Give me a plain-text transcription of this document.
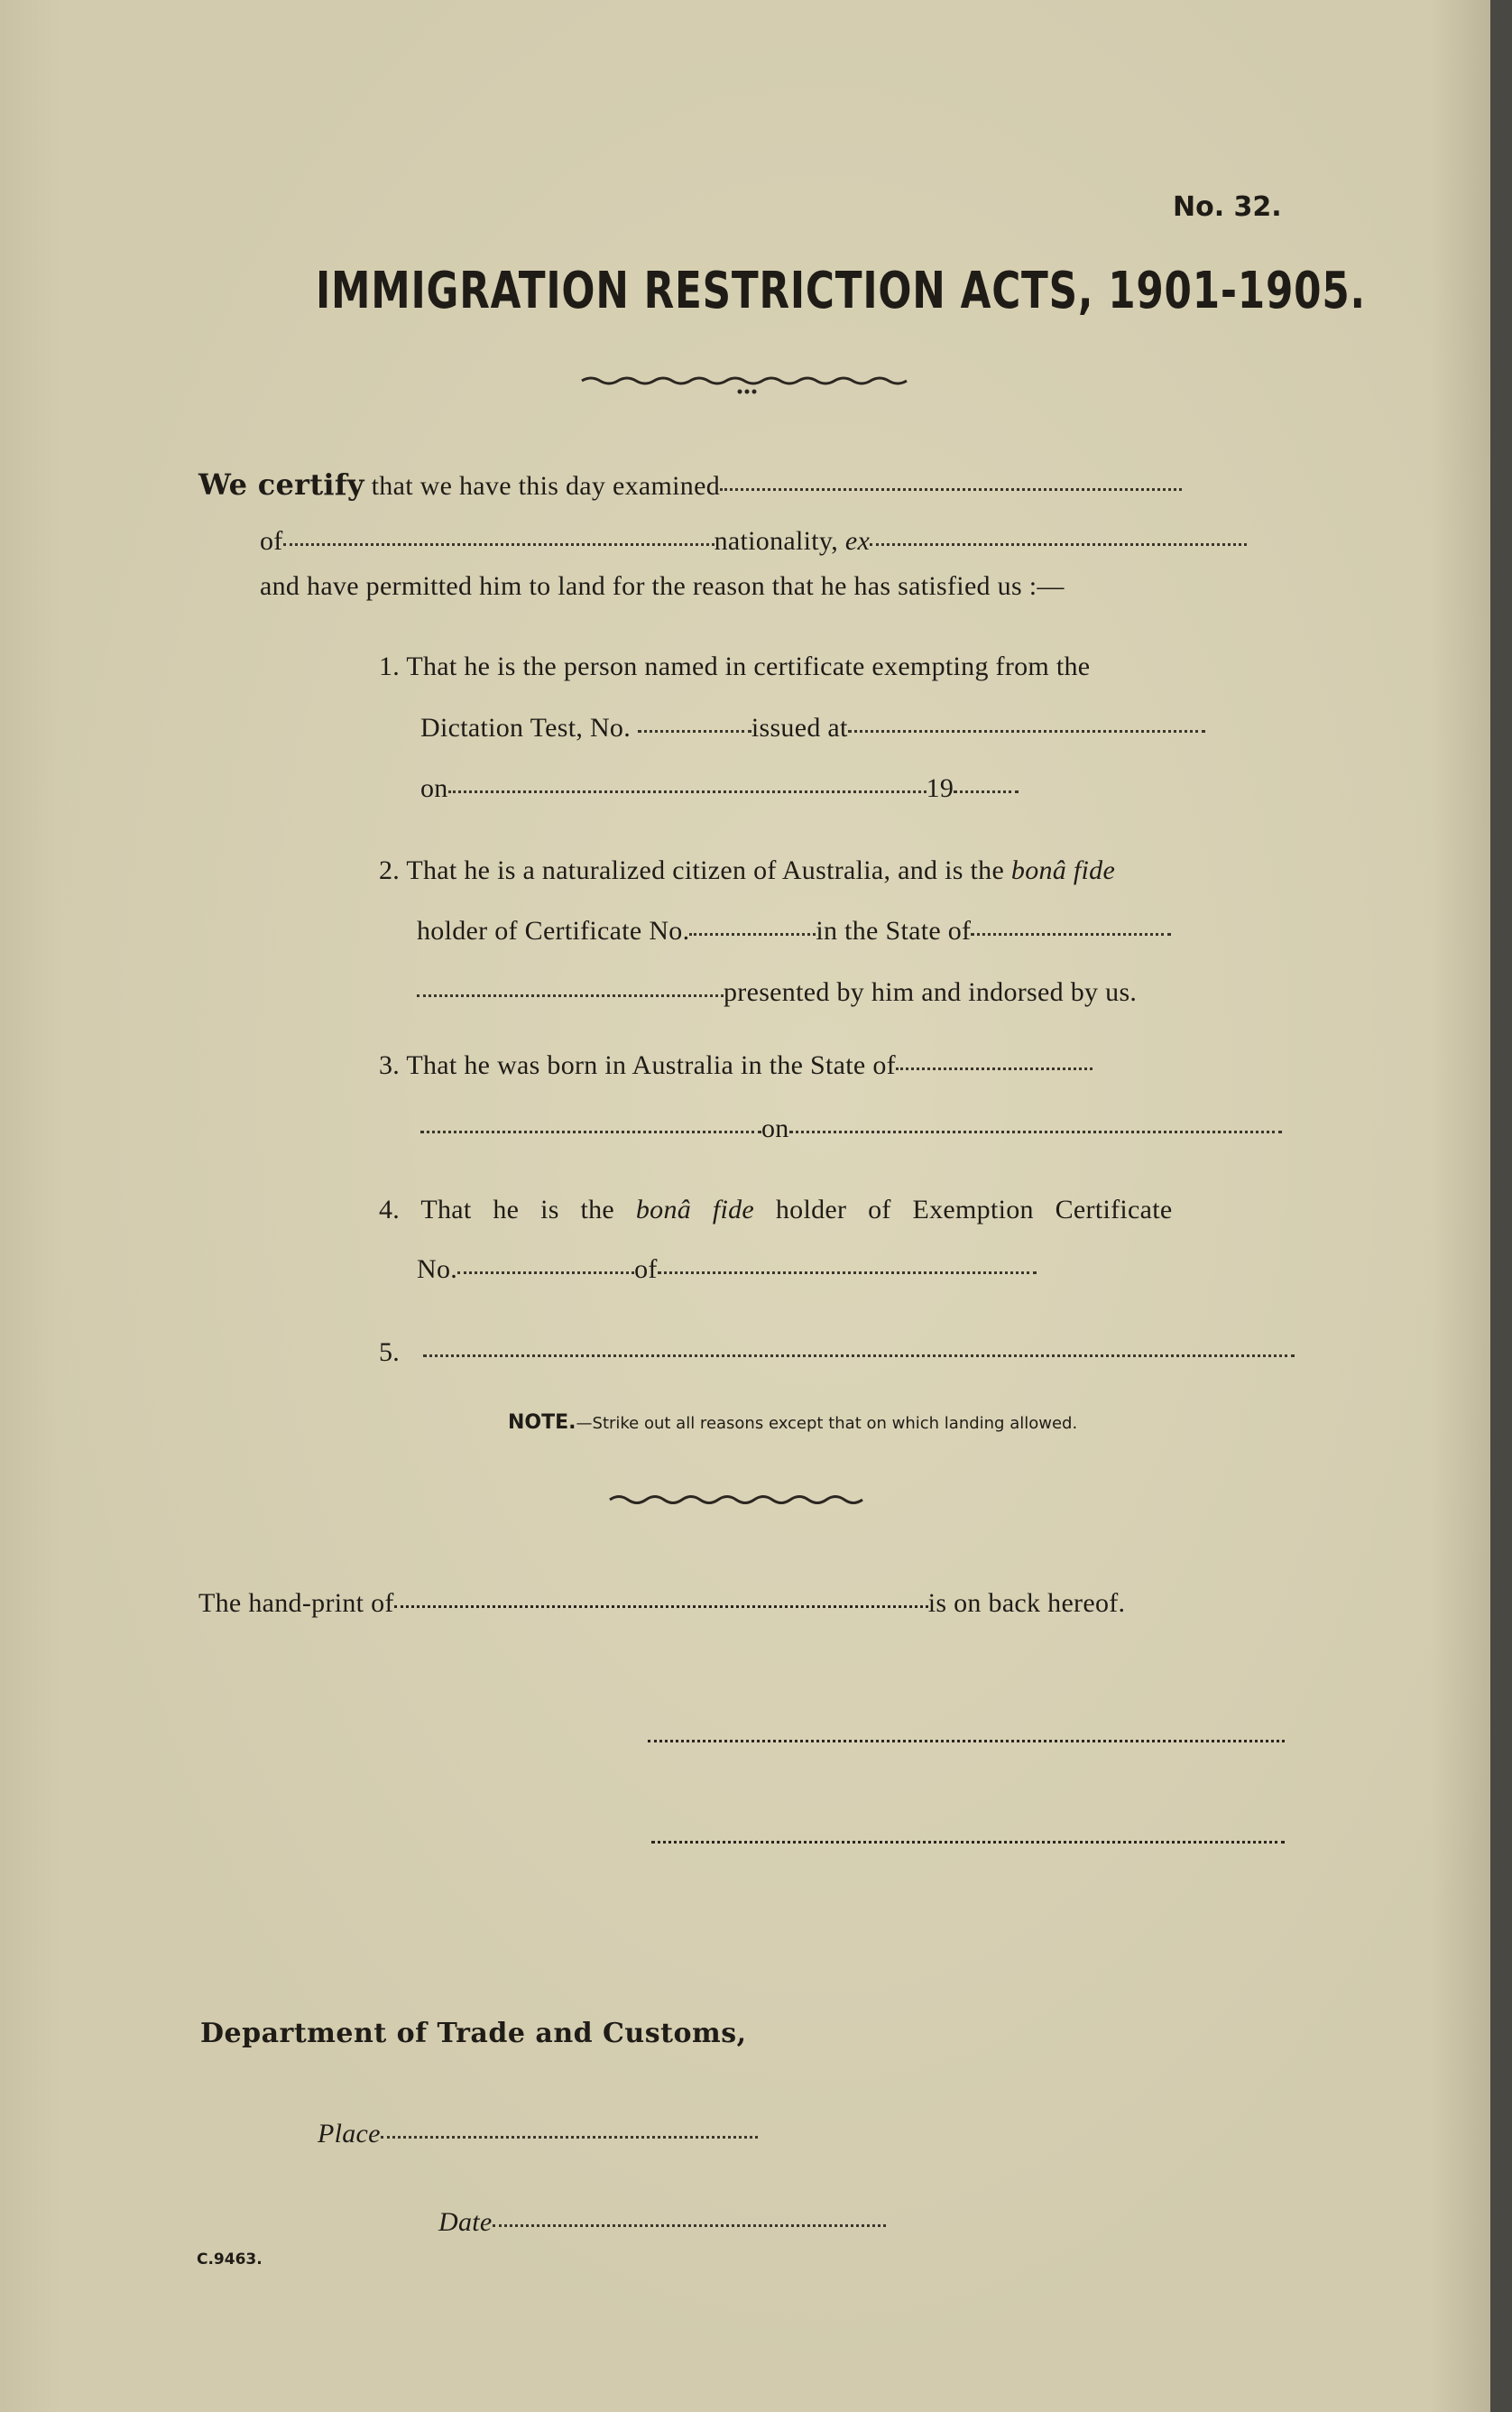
No. 32.
IMMIGRATION RESTRICTION ACTS, 1901-1905.
We certify that we have this day examined
of	nationality, ex
and have permitted him to land for the reason that he has satisfied us :—
1. That he is the person named in certificate exempting from the
Dictation Test, No.	issued at
on	19
2. That he is a naturalized citizen of Australia, and is the bonâ fide
holder of Certificate No.	in the State of
presented by him and indorsed by us.
3. That he was born in Australia in the State of
on
4. That he is the bonâ fide holder of Exemption Certificate
No.	of
5.
NOTE.—Strike out all reasons except that on which landing allowed.
The hand-print of	is on back hereof.
Department of Trade and Customs,
Place
Date
C.9463.
